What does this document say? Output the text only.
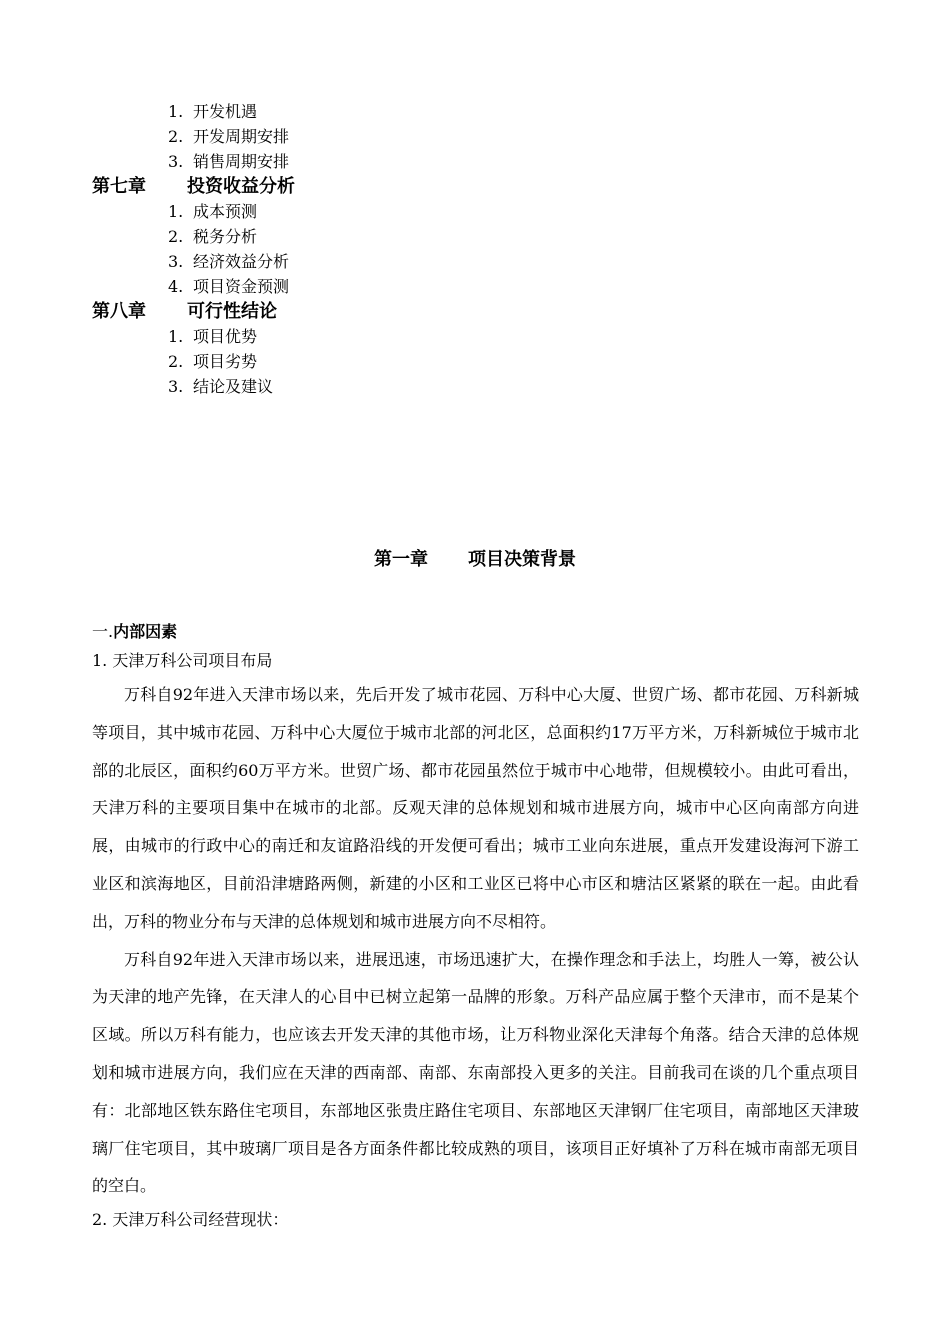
1. 开发机遇
2. 开发周期安排
3. 销售周期安排
第七章 投资收益分析
1. 成本预测
2. 税务分析
3. 经济效益分析
4. 项目资金预测
第八章 可行性结论
1. 项目优势
2. 项目劣势
3. 结论及建议
第一章 项目决策背景
一.内部因素
1. 天津万科公司项目布局

万科自92年进入天津市场以来，先后开发了城市花园、万科中心大厦、世贸广场、都市花园、万科新城等项目，其中城市花园、万科中心大厦位于城市北部的河北区，总面积约17万平方米，万科新城位于城市北部的北辰区，面积约60万平方米。世贸广场、都市花园虽然位于城市中心地带，但规模较小。由此可看出，天津万科的主要项目集中在城市的北部。反观天津的总体规划和城市进展方向，城市中心区向南部方向进展，由城市的行政中心的南迁和友谊路沿线的开发便可看出；城市工业向东进展，重点开发建设海河下游工业区和滨海地区，目前沿津塘路两侧，新建的小区和工业区已将中心市区和塘沽区紧紧的联在一起。由此看出，万科的物业分布与天津的总体规划和城市进展方向不尽相符。

万科自92年进入天津市场以来，进展迅速，市场迅速扩大，在操作理念和手法上，均胜人一筹，被公认为天津的地产先锋，在天津人的心目中已树立起第一品牌的形象。万科产品应属于整个天津市，而不是某个区域。所以万科有能力，也应该去开发天津的其他市场，让万科物业深化天津每个角落。结合天津的总体规划和城市进展方向，我们应在天津的西南部、南部、东南部投入更多的关注。目前我司在谈的几个重点项目有：北部地区铁东路住宅项目，东部地区张贵庄路住宅项目、东部地区天津钢厂住宅项目，南部地区天津玻璃厂住宅项目，其中玻璃厂项目是各方面条件都比较成熟的项目，该项目正好填补了万科在城市南部无项目的空白。

2. 天津万科公司经营现状：
